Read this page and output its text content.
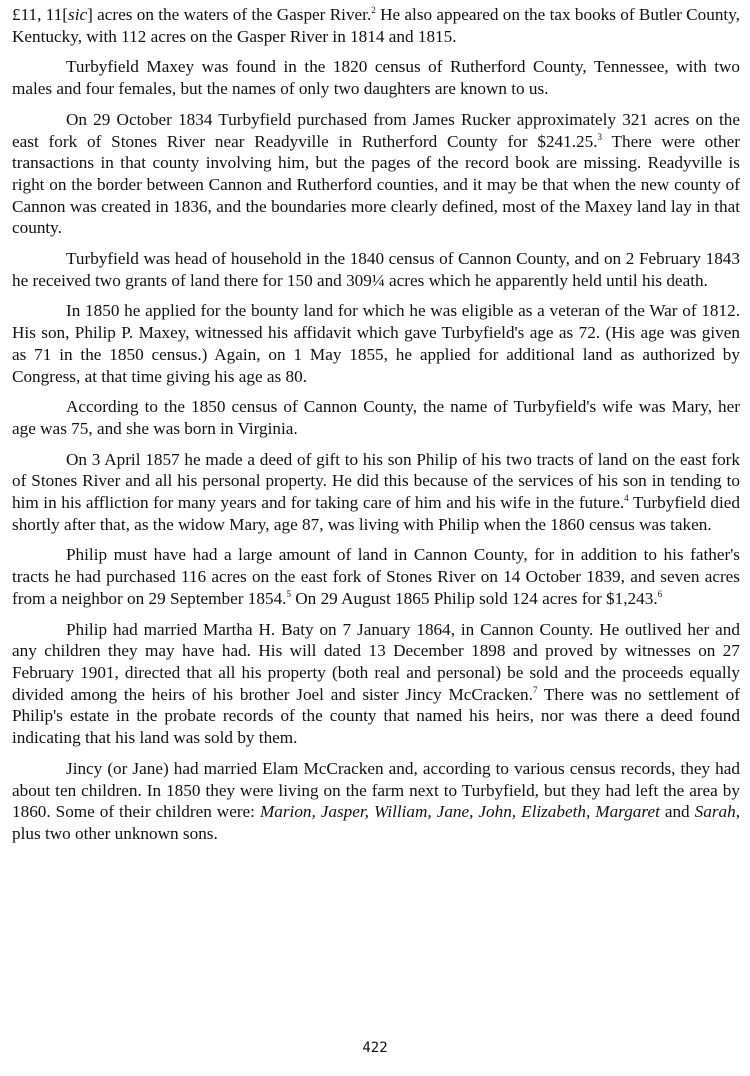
£11, 11[sic] acres on the waters of the Gasper River.$^2$ He also appeared on the tax books of Butler County, Kentucky, with 112 acres on the Gasper River in 1814 and 1815.

Turbyfield Maxey was found in the 1820 census of Rutherford County, Tennessee, with two males and four females, but the names of only two daughters are known to us.

On 29 October 1834 Turbyfield purchased from James Rucker approximately 321 acres on the east fork of Stones River near Readyville in Rutherford County for $241.25.$^3$ There were other transactions in that county involving him, but the pages of the record book are missing. Readyville is right on the border between Cannon and Rutherford counties, and it may be that when the new county of Cannon was created in 1836, and the boundaries more clearly defined, most of the Maxey land lay in that county.

Turbyfield was head of household in the 1840 census of Cannon County, and on 2 February 1843 he received two grants of land there for 150 and 309¼ acres which he apparently held until his death.

In 1850 he applied for the bounty land for which he was eligible as a veteran of the War of 1812. His son, Philip P. Maxey, witnessed his affidavit which gave Turbyfield's age as 72. (His age was given as 71 in the 1850 census.) Again, on 1 May 1855, he applied for additional land as authorized by Congress, at that time giving his age as 80.

According to the 1850 census of Cannon County, the name of Turbyfield's wife was Mary, her age was 75, and she was born in Virginia.

On 3 April 1857 he made a deed of gift to his son Philip of his two tracts of land on the east fork of Stones River and all his personal property. He did this because of the services of his son in tending to him in his affliction for many years and for taking care of him and his wife in the future.$^4$ Turbyfield died shortly after that, as the widow Mary, age 87, was living with Philip when the 1860 census was taken.

Philip must have had a large amount of land in Cannon County, for in addition to his father's tracts he had purchased 116 acres on the east fork of Stones River on 14 October 1839, and seven acres from a neighbor on 29 September 1854.$^5$ On 29 August 1865 Philip sold 124 acres for $1,243.$^6$

Philip had married Martha H. Baty on 7 January 1864, in Cannon County. He outlived her and any children they may have had. His will dated 13 December 1898 and proved by witnesses on 27 February 1901, directed that all his property (both real and personal) be sold and the proceeds equally divided among the heirs of his brother Joel and sister Jincy McCracken.$^7$ There was no settlement of Philip's estate in the probate records of the county that named his heirs, nor was there a deed found indicating that his land was sold by them.

Jincy (or Jane) had married Elam McCracken and, according to various census records, they had about ten children. In 1850 they were living on the farm next to Turbyfield, but they had left the area by 1860. Some of their children were: Marion, Jasper, William, Jane, John, Elizabeth, Margaret and Sarah, plus two other unknown sons.

422
